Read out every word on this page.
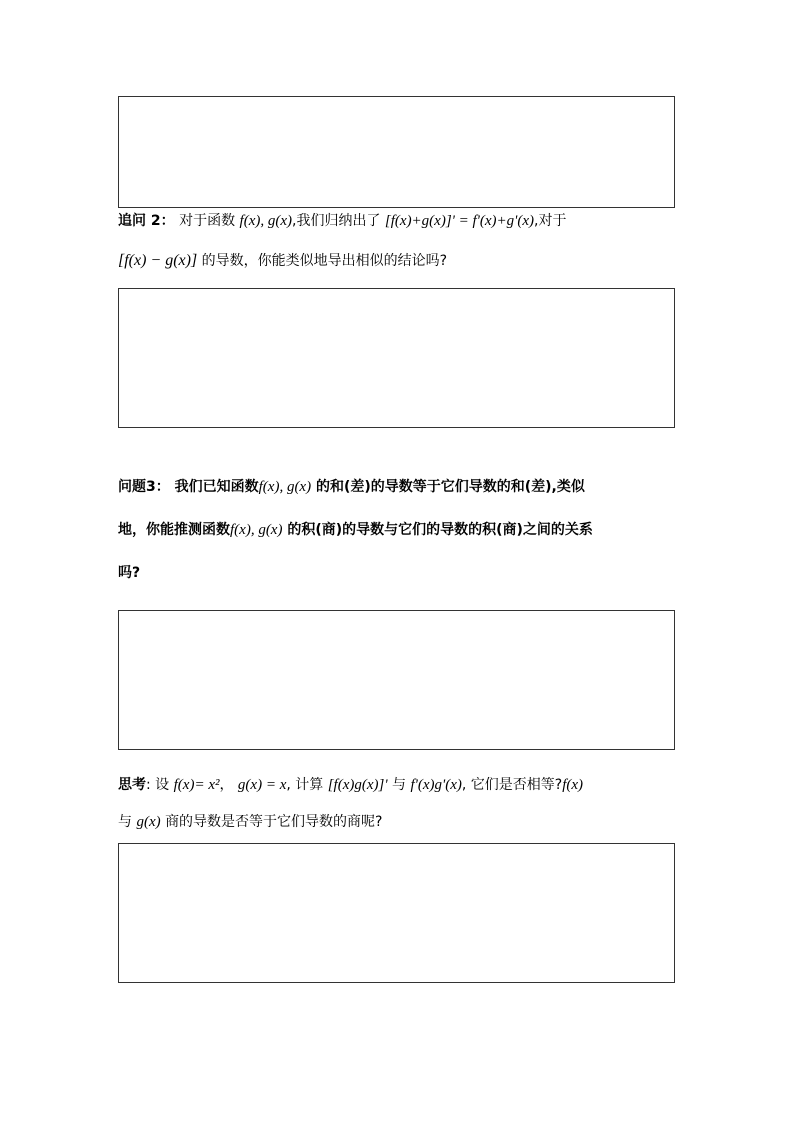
追问 2： 对于函数 f(x), g(x),我们归纳出了 [f(x)+g(x)]' = f'(x)+g'(x),对于
[f(x) − g(x)] 的导数，你能类似地导出相似的结论吗?
问题3： 我们已知函数f(x), g(x) 的和(差)的导数等于它们导数的和(差),类似
地，你能推测函数f(x), g(x) 的积(商)的导数与它们的导数的积(商)之间的关系
吗?
思考: 设 f(x)= x²， g(x) = x, 计算 [f(x)g(x)]' 与 f'(x)g'(x), 它们是否相等?f(x)
与 g(x) 商的导数是否等于它们导数的商呢?
